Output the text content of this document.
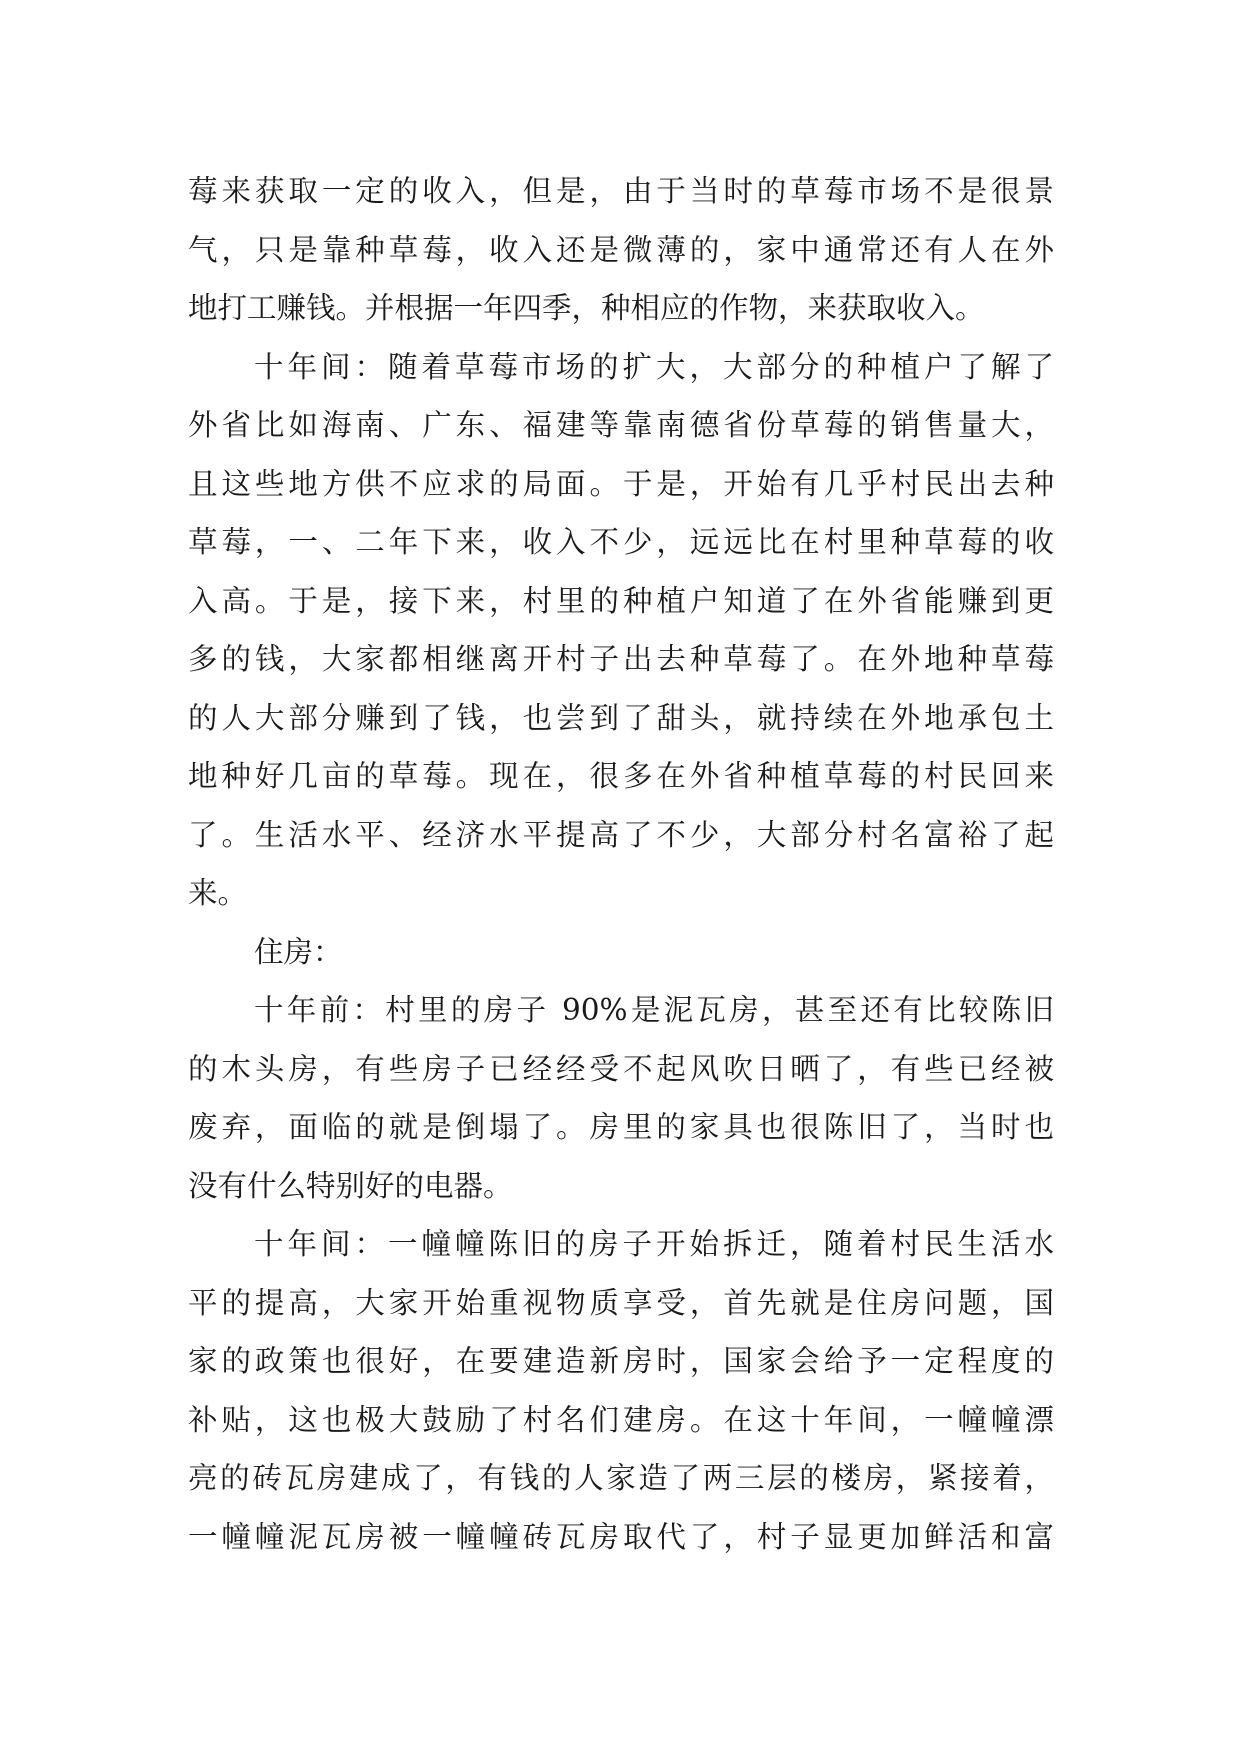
莓来获取一定的收入，但是，由于当时的草莓市场不是很景
气，只是靠种草莓，收入还是微薄的，家中通常还有人在外
地打工赚钱。并根据一年四季，种相应的作物，来获取收入。
十年间：随着草莓市场的扩大，大部分的种植户了解了
外省比如海南、广东、福建等靠南德省份草莓的销售量大，
且这些地方供不应求的局面。于是，开始有几乎村民出去种
草莓，一、二年下来，收入不少，远远比在村里种草莓的收
入高。于是，接下来，村里的种植户知道了在外省能赚到更
多的钱，大家都相继离开村子出去种草莓了。在外地种草莓
的人大部分赚到了钱，也尝到了甜头，就持续在外地承包土
地种好几亩的草莓。现在，很多在外省种植草莓的村民回来
了。生活水平、经济水平提高了不少，大部分村名富裕了起
来。
住房：
十年前：村里的房子 90%是泥瓦房，甚至还有比较陈旧
的木头房，有些房子已经经受不起风吹日晒了，有些已经被
废弃，面临的就是倒塌了。房里的家具也很陈旧了，当时也
没有什么特别好的电器。
十年间：一幢幢陈旧的房子开始拆迁，随着村民生活水
平的提高，大家开始重视物质享受，首先就是住房问题，国
家的政策也很好，在要建造新房时，国家会给予一定程度的
补贴，这也极大鼓励了村名们建房。在这十年间，一幢幢漂
亮的砖瓦房建成了，有钱的人家造了两三层的楼房，紧接着，
一幢幢泥瓦房被一幢幢砖瓦房取代了，村子显更加鲜活和富
